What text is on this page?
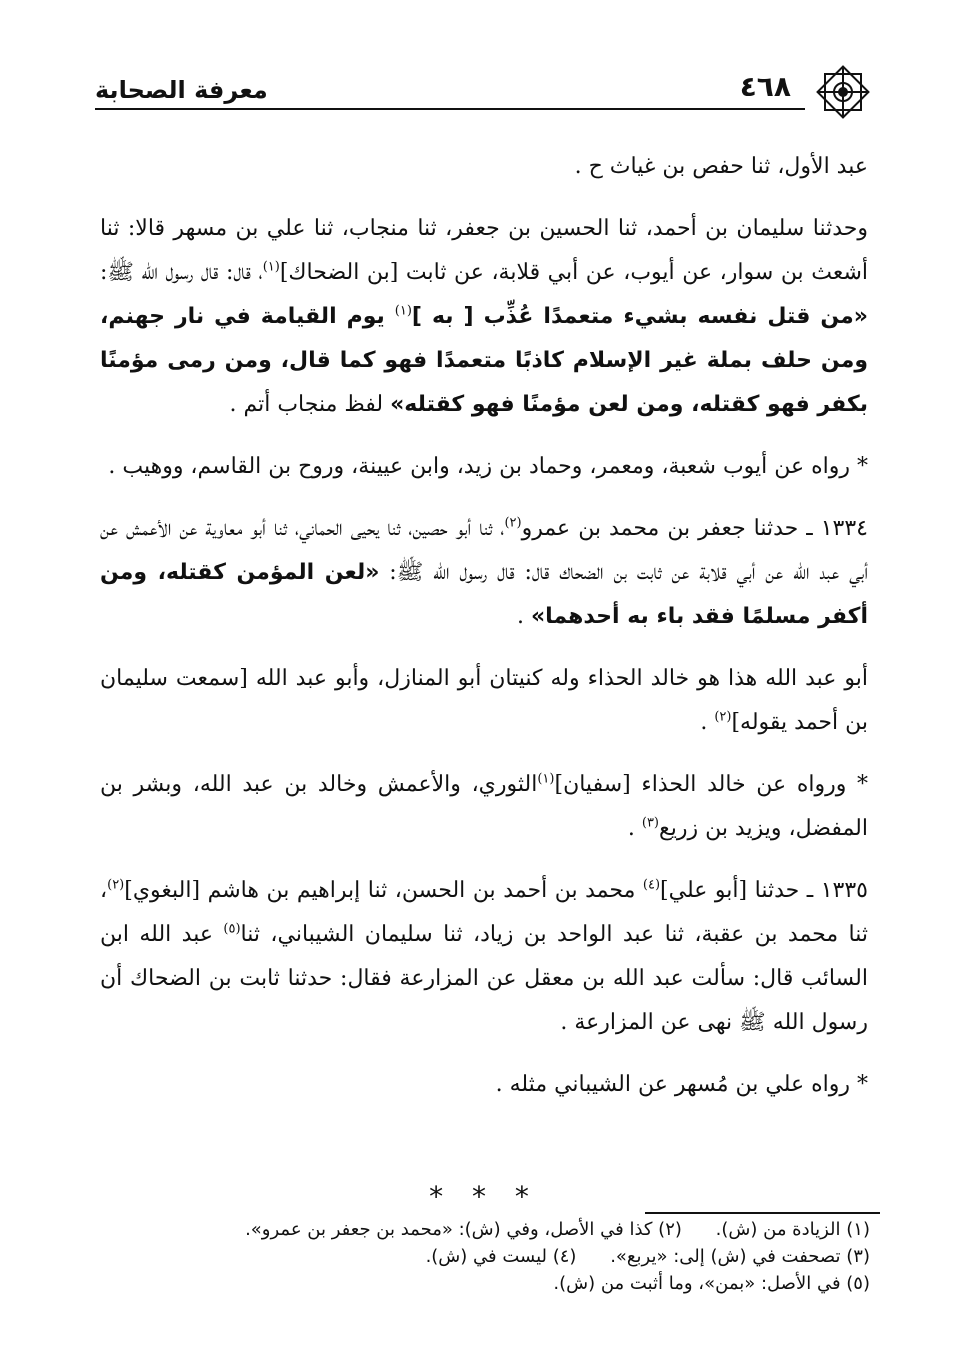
٤٦٨
معرفة الصحابة

عبد الأول، ثنا حفص بن غياث ح .

وحدثنا سليمان بن أحمد، ثنا الحسين بن جعفر، ثنا منجاب، ثنا علي بن مسهر قالا: ثنا أشعث بن سوار، عن أيوب، عن أبي قلابة، عن ثابت [بن الضحاك]$^{(١)}$، قال: قال رسول الله ﷺ: «من قتل نفسه بشيء متعمدًا عُذِّب [ به ]$^{(١)}$ يوم القيامة في نار جهنم، ومن حلف بملة غير الإسلام كاذبًا متعمدًا فهو كما قال، ومن رمى مؤمنًا بكفر فهو كقتله، ومن لعن مؤمنًا فهو كقتله» لفظ منجاب أتم .

* رواه عن أيوب شعبة، ومعمر، وحماد بن زيد، وابن عيينة، وروح بن القاسم، ووهيب .

١٣٣٤ ـ حدثنا جعفر بن محمد بن عمرو$^{(٢)}$، ثنا أبو حصين، ثنا يحيى الحماني، ثنا أبو معاوية عن الأعمش عن أبي عبد الله عن أبي قلابة عن ثابت بن الضحاك قال: قال رسول الله ﷺ: «لعن المؤمن كقتله، ومن أكفر مسلمًا فقد باء به أحدهما» .

أبو عبد الله هذا هو خالد الحذاء وله كنيتان أبو المنازل، وأبو عبد الله [سمعت سليمان بن أحمد يقوله]$^{(٢)}$ .

* ورواه عن خالد الحذاء [سفيان]$^{(١)}$الثوري، والأعمش وخالد بن عبد الله، وبشر بن المفضل، ويزيد بن زريع$^{(٣)}$ .

١٣٣٥ ـ حدثنا [أبو علي]$^{(٤)}$ محمد بن أحمد بن الحسن، ثنا إبراهيم بن هاشم [البغوي]$^{(٢)}$، ثنا محمد بن عقبة، ثنا عبد الواحد بن زياد، ثنا سليمان الشيباني، ثنا$^{(٥)}$ عبد الله ابن السائب قال: سألت عبد الله بن معقل عن المزارعة فقال: حدثنا ثابت بن الضحاك أن رسول الله ﷺ نهى عن المزارعة .

* رواه علي بن مُسهر عن الشيباني مثله .

* * *
(١) الزيادة من (ش). (٢) كذا في الأصل، وفي (ش): «محمد بن جعفر بن عمرو».
(٣) تصحفت في (ش) إلى: «يربع». (٤) ليست في (ش).
(٥) في الأصل: «بمن»، وما أثبت من (ش).
